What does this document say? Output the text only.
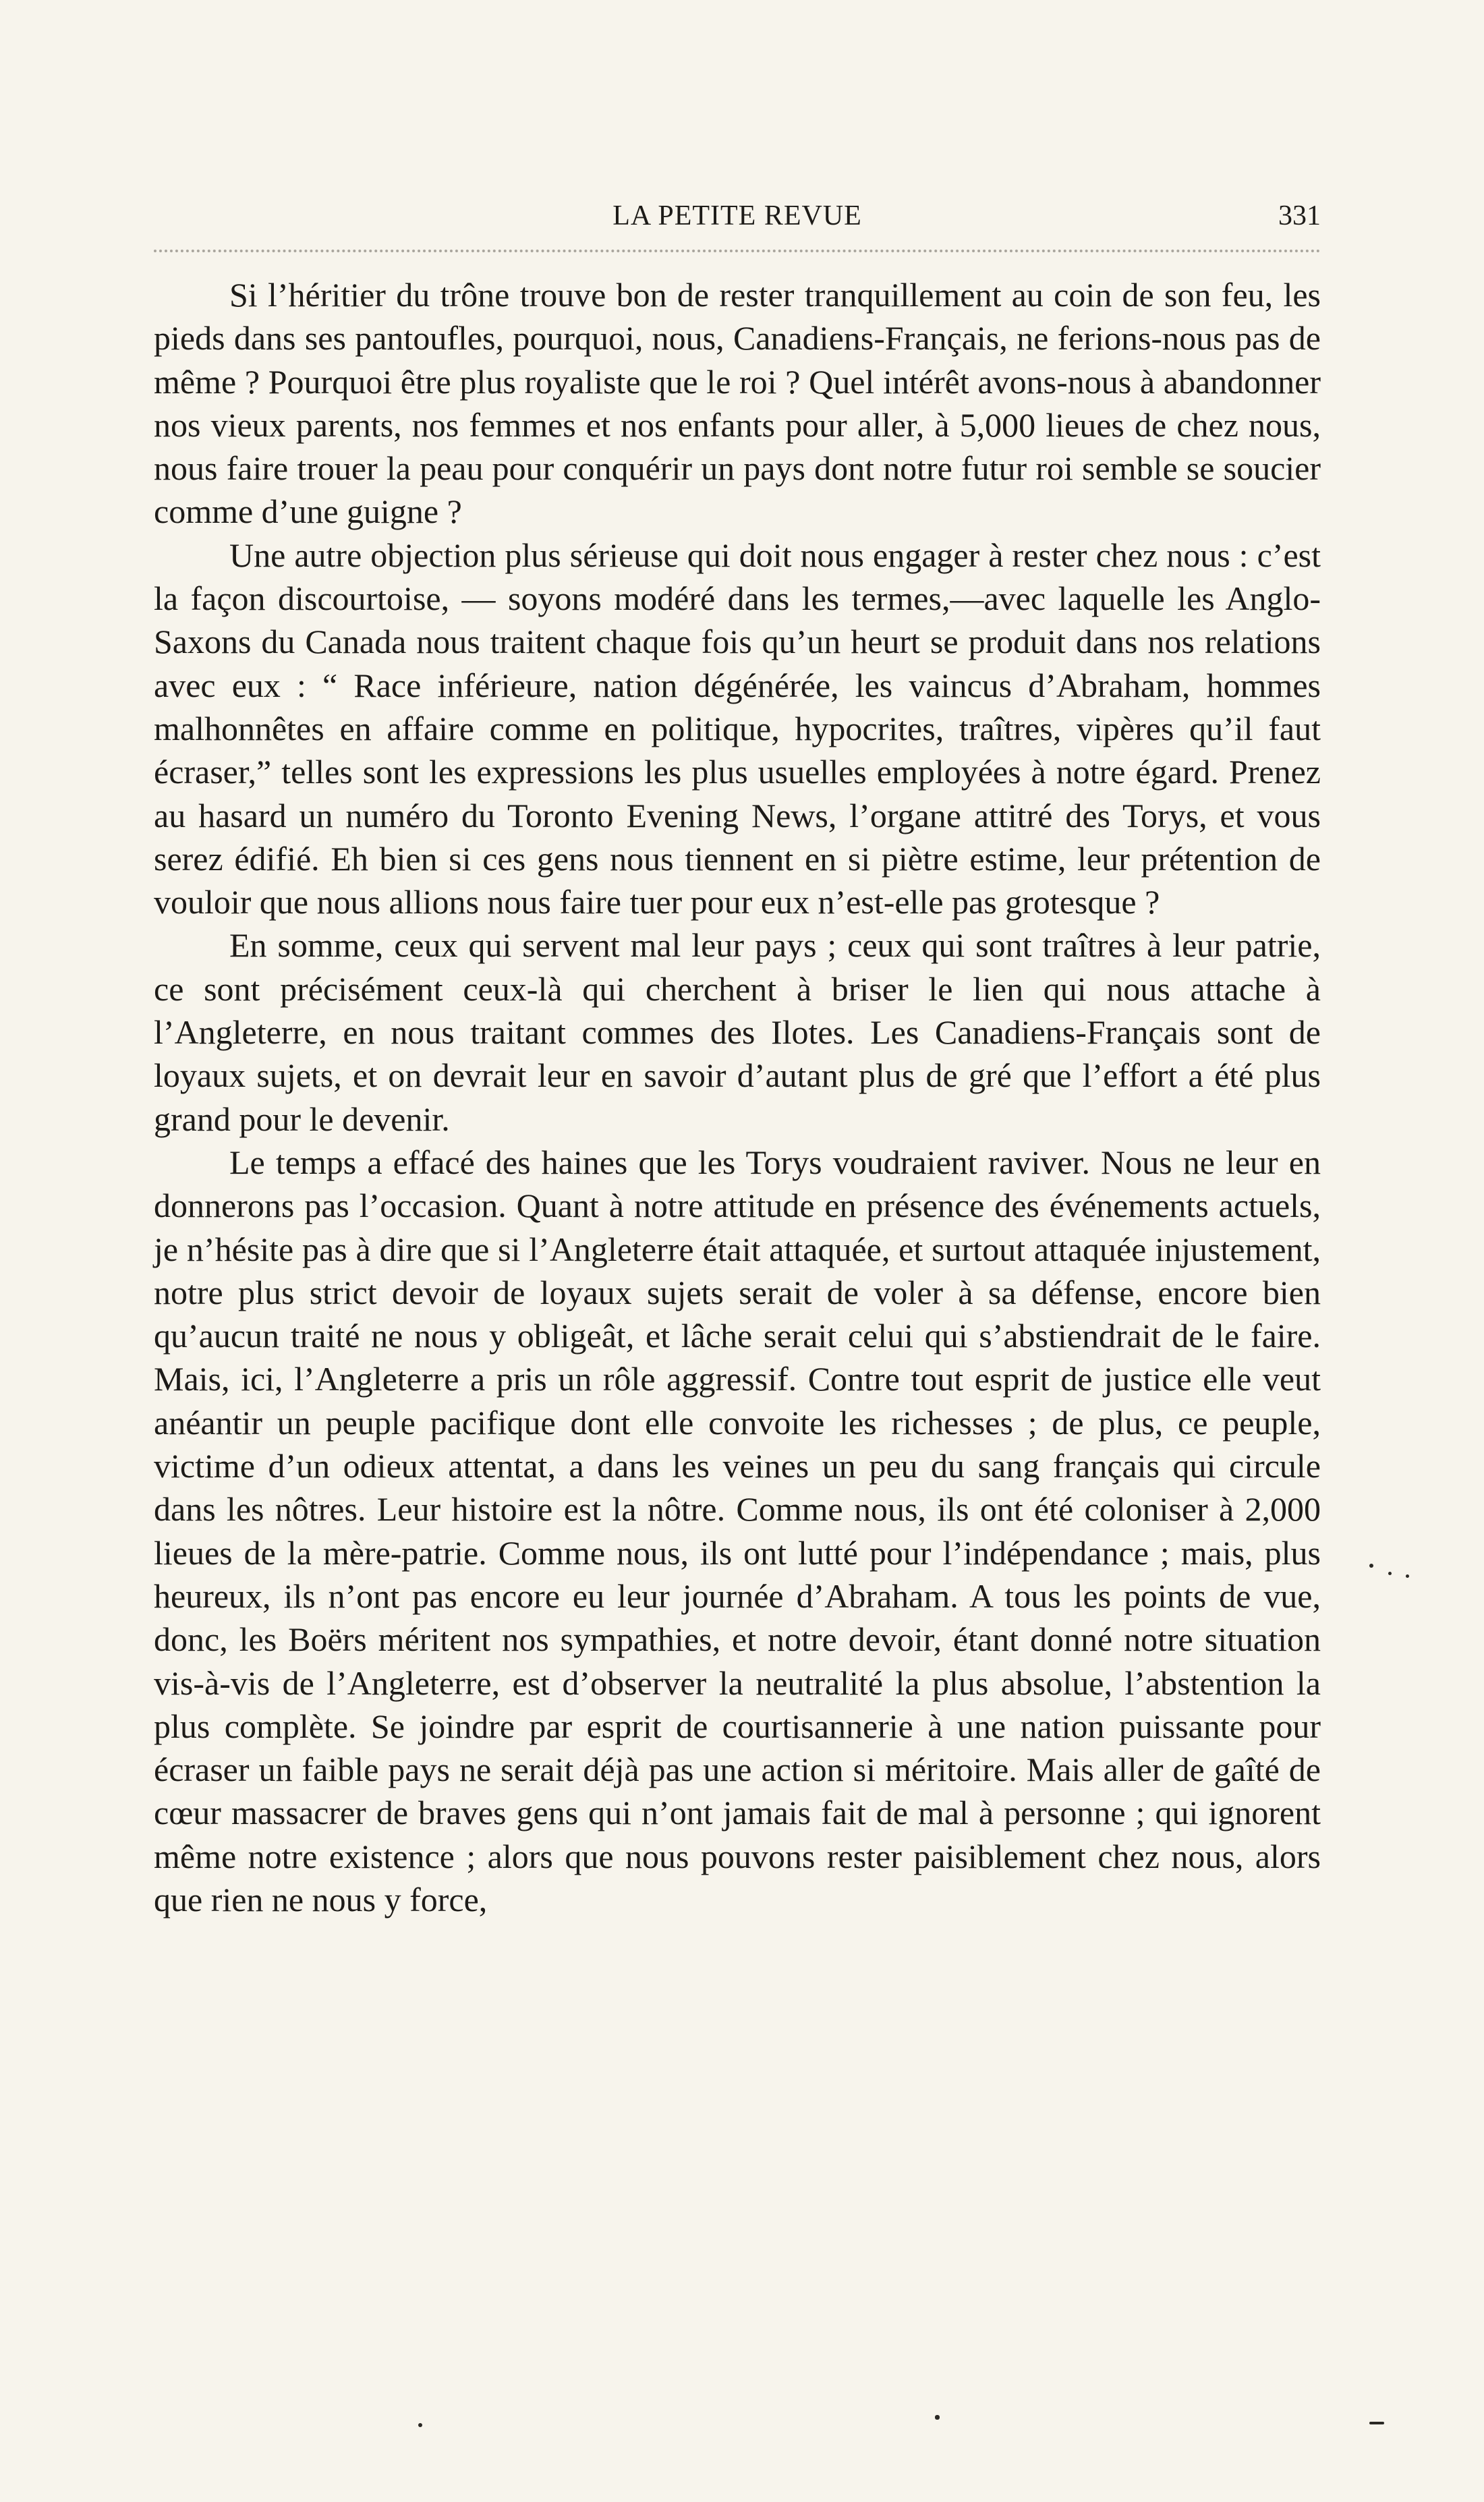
LA PETITE REVUE	331

Si l’héritier du trône trouve bon de rester tranquillement au coin de son feu, les pieds dans ses pantoufles, pourquoi, nous, Canadiens-Français, ne ferions-nous pas de même ? Pourquoi être plus royaliste que le roi ? Quel intérêt avons-nous à abandonner nos vieux parents, nos femmes et nos enfants pour aller, à 5,000 lieues de chez nous, nous faire trouer la peau pour conquérir un pays dont notre futur roi semble se soucier comme d’une guigne ?

Une autre objection plus sérieuse qui doit nous engager à rester chez nous : c’est la façon discourtoise, — soyons modéré dans les termes,—avec laquelle les Anglo-Saxons du Canada nous traitent chaque fois qu’un heurt se produit dans nos relations avec eux : “ Race inférieure, nation dégénérée, les vaincus d’Abraham, hommes malhonnêtes en affaire comme en politique, hypocrites, traîtres, vipères qu’il faut écraser,” telles sont les expressions les plus usuelles employées à notre égard. Prenez au hasard un numéro du Toronto Evening News, l’organe attitré des Torys, et vous serez édifié. Eh bien si ces gens nous tiennent en si piètre estime, leur prétention de vouloir que nous allions nous faire tuer pour eux n’est-elle pas grotesque ?

En somme, ceux qui servent mal leur pays ; ceux qui sont traîtres à leur patrie, ce sont précisément ceux-là qui cherchent à briser le lien qui nous attache à l’Angleterre, en nous traitant commes des Ilotes. Les Canadiens-Français sont de loyaux sujets, et on devrait leur en savoir d’autant plus de gré que l’effort a été plus grand pour le devenir.

Le temps a effacé des haines que les Torys voudraient raviver. Nous ne leur en donnerons pas l’occasion. Quant à notre attitude en présence des événements actuels, je n’hésite pas à dire que si l’Angleterre était attaquée, et surtout attaquée injustement, notre plus strict devoir de loyaux sujets serait de voler à sa défense, encore bien qu’aucun traité ne nous y obligeât, et lâche serait celui qui s’abstiendrait de le faire. Mais, ici, l’Angleterre a pris un rôle aggressif. Contre tout esprit de justice elle veut anéantir un peuple pacifique dont elle convoite les richesses ; de plus, ce peuple, victime d’un odieux attentat, a dans les veines un peu du sang français qui circule dans les nôtres. Leur histoire est la nôtre. Comme nous, ils ont été coloniser à 2,000 lieues de la mère-patrie. Comme nous, ils ont lutté pour l’indépendance ; mais, plus heureux, ils n’ont pas encore eu leur journée d’Abraham. A tous les points de vue, donc, les Boërs méritent nos sympathies, et notre devoir, étant donné notre situation vis-à-vis de l’Angleterre, est d’observer la neutralité la plus absolue, l’abstention la plus complète. Se joindre par esprit de courtisannerie à une nation puissante pour écraser un faible pays ne serait déjà pas une action si méritoire. Mais aller de gaîté de cœur massacrer de braves gens qui n’ont jamais fait de mal à personne ; qui ignorent même notre existence ; alors que nous pouvons rester paisiblement chez nous, alors que rien ne nous y force,
